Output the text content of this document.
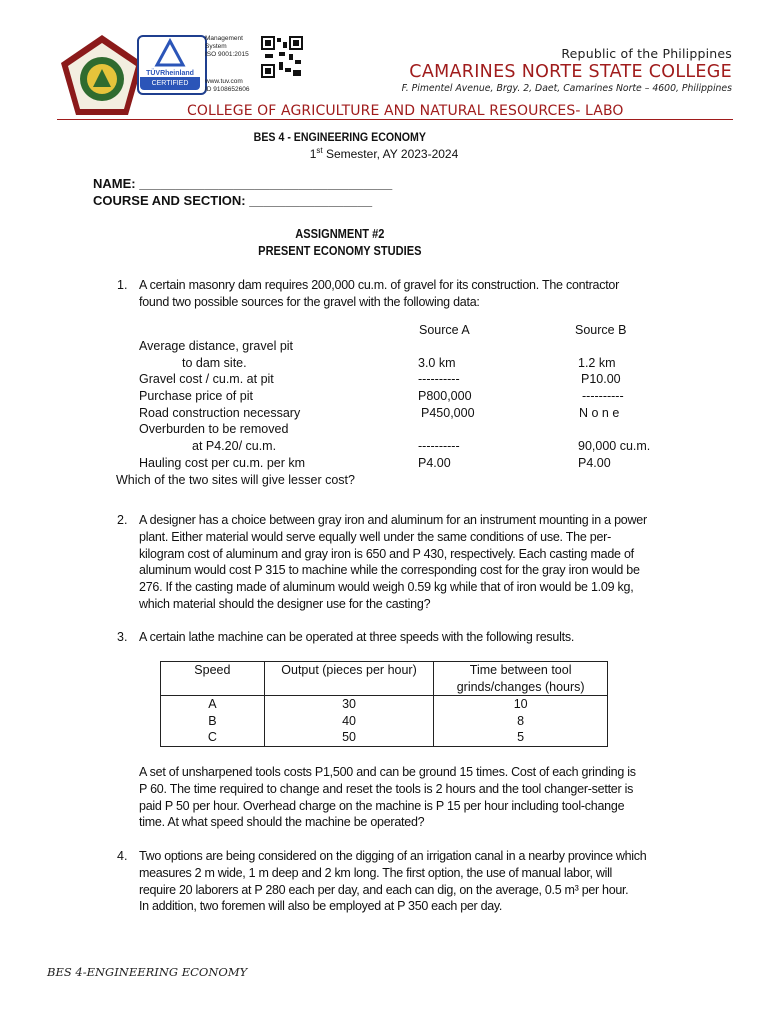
TÜVRheinland
CERTIFIED
Management
System
ISO 9001:2015
www.tuv.com
ID 9108652606
Republic of the Philippines
CAMARINES NORTE STATE COLLEGE
F. Pimentel Avenue, Brgy. 2, Daet, Camarines Norte – 4600, Philippines
COLLEGE OF AGRICULTURE AND NATURAL RESOURCES- LABO
BES 4 - ENGINEERING ECONOMY
1st Semester, AY 2023-2024
NAME: ___________________________________
COURSE AND SECTION: _________________
ASSIGNMENT #2
PRESENT ECONOMY STUDIES
1. A certain masonry dam requires 200,000 cu.m. of gravel for its construction. The contractor
found two possible sources for the gravel with the following data:
Source A	Source B
Average distance, gravel pit
to dam site.	3.0 km	1.2 km
Gravel cost / cu.m. at pit	----------	P10.00
Purchase price of pit	P800,000	----------
Road construction necessary	P450,000	N o n e
Overburden to be removed
at P4.20/ cu.m.	----------	90,000 cu.m.
Hauling cost per cu.m. per km	P4.00	P4.00
Which of the two sites will give lesser cost?
2. A designer has a choice between gray iron and aluminum for an instrument mounting in a power
plant. Either material would serve equally well under the same conditions of use. The per-
kilogram cost of aluminum and gray iron is 650 and P 430, respectively. Each casting made of
aluminum would cost P 315 to machine while the corresponding cost for the gray iron would be
276. If the casting made of aluminum would weigh 0.59 kg while that of iron would be 1.09 kg,
which material should the designer use for the casting?
3. A certain lathe machine can be operated at three speeds with the following results.
Speed	Output (pieces per hour)	Time between tool
grinds/changes (hours)

A	30	10
B	40	8
C	50	5
A set of unsharpened tools costs P1,500 and can be ground 15 times. Cost of each grinding is
P 60. The time required to change and reset the tools is 2 hours and the tool changer-setter is
paid P 50 per hour. Overhead charge on the machine is P 15 per hour including tool-change
time. At what speed should the machine be operated?
4. Two options are being considered on the digging of an irrigation canal in a nearby province which
measures 2 m wide, 1 m deep and 2 km long. The first option, the use of manual labor, will
require 20 laborers at P 280 each per day, and each can dig, on the average, 0.5 m³ per hour.
In addition, two foremen will also be employed at P 350 each per day.
BES 4-ENGINEERING ECONOMY
